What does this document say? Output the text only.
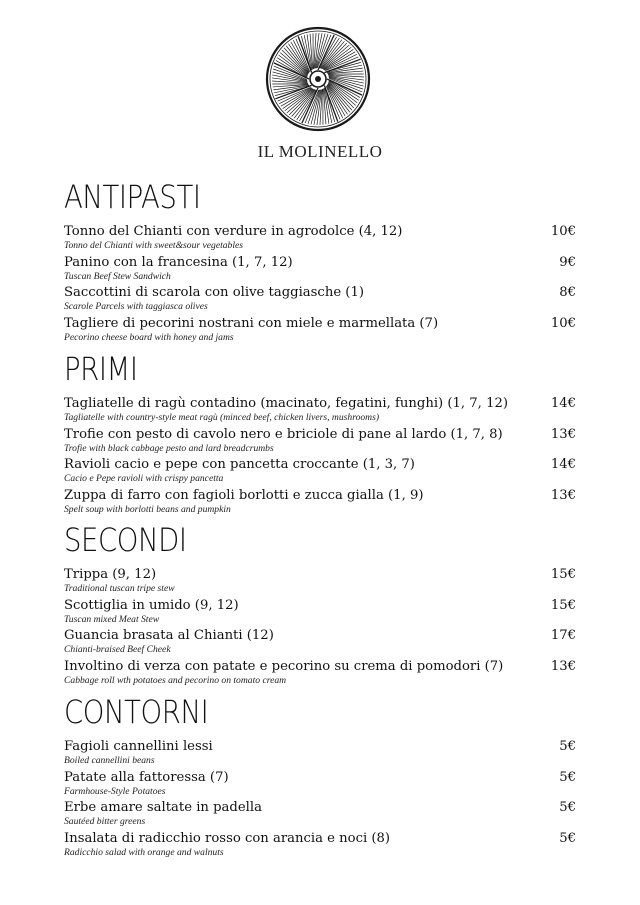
IL MOLINELLO
ANTIPASTI
Tonno del Chianti con verdure in agrodolce (4, 12)
Tonno del Chianti with sweet&sour vegetables
10€
Panino con la francesina (1, 7, 12)
Tuscan Beef Stew Sandwich
9€
Saccottini di scarola con olive taggiasche (1)
Scarole Parcels with taggiasca olives
8€
Tagliere di pecorini nostrani con miele e marmellata (7)
Pecorino cheese board with honey and jams
10€
PRIMI
Tagliatelle di ragù contadino (macinato, fegatini, funghi) (1, 7, 12)
Tagliatelle with country-style meat ragù (minced beef, chicken livers, mushrooms)
14€
Trofie con pesto di cavolo nero e briciole di pane al lardo (1, 7, 8)
Trofie with black cabbage pesto and lard breadcrumbs
13€
Ravioli cacio e pepe con pancetta croccante (1, 3, 7)
Cacio e Pepe ravioli with crispy pancetta
14€
Zuppa di farro con fagioli borlotti e zucca gialla (1, 9)
Spelt soup with borlotti beans and pumpkin
13€
SECONDI
Trippa (9, 12)
Traditional tuscan tripe stew
15€
Scottiglia in umido (9, 12)
Tuscan mixed Meat Stew
15€
Guancia brasata al Chianti (12)
Chianti-braised Beef Cheek
17€
Involtino di verza con patate e pecorino su crema di pomodori (7)
Cabbage roll wth potatoes and pecorino on tomato cream
13€
CONTORNI
Fagioli cannellini lessi
Boiled cannellini beans
5€
Patate alla fattoressa (7)
Farmhouse-Style Potatoes
5€
Erbe amare saltate in padella
Sautéed bitter greens
5€
Insalata di radicchio rosso con arancia e noci (8)
Radicchio salad with orange and walnuts
5€
